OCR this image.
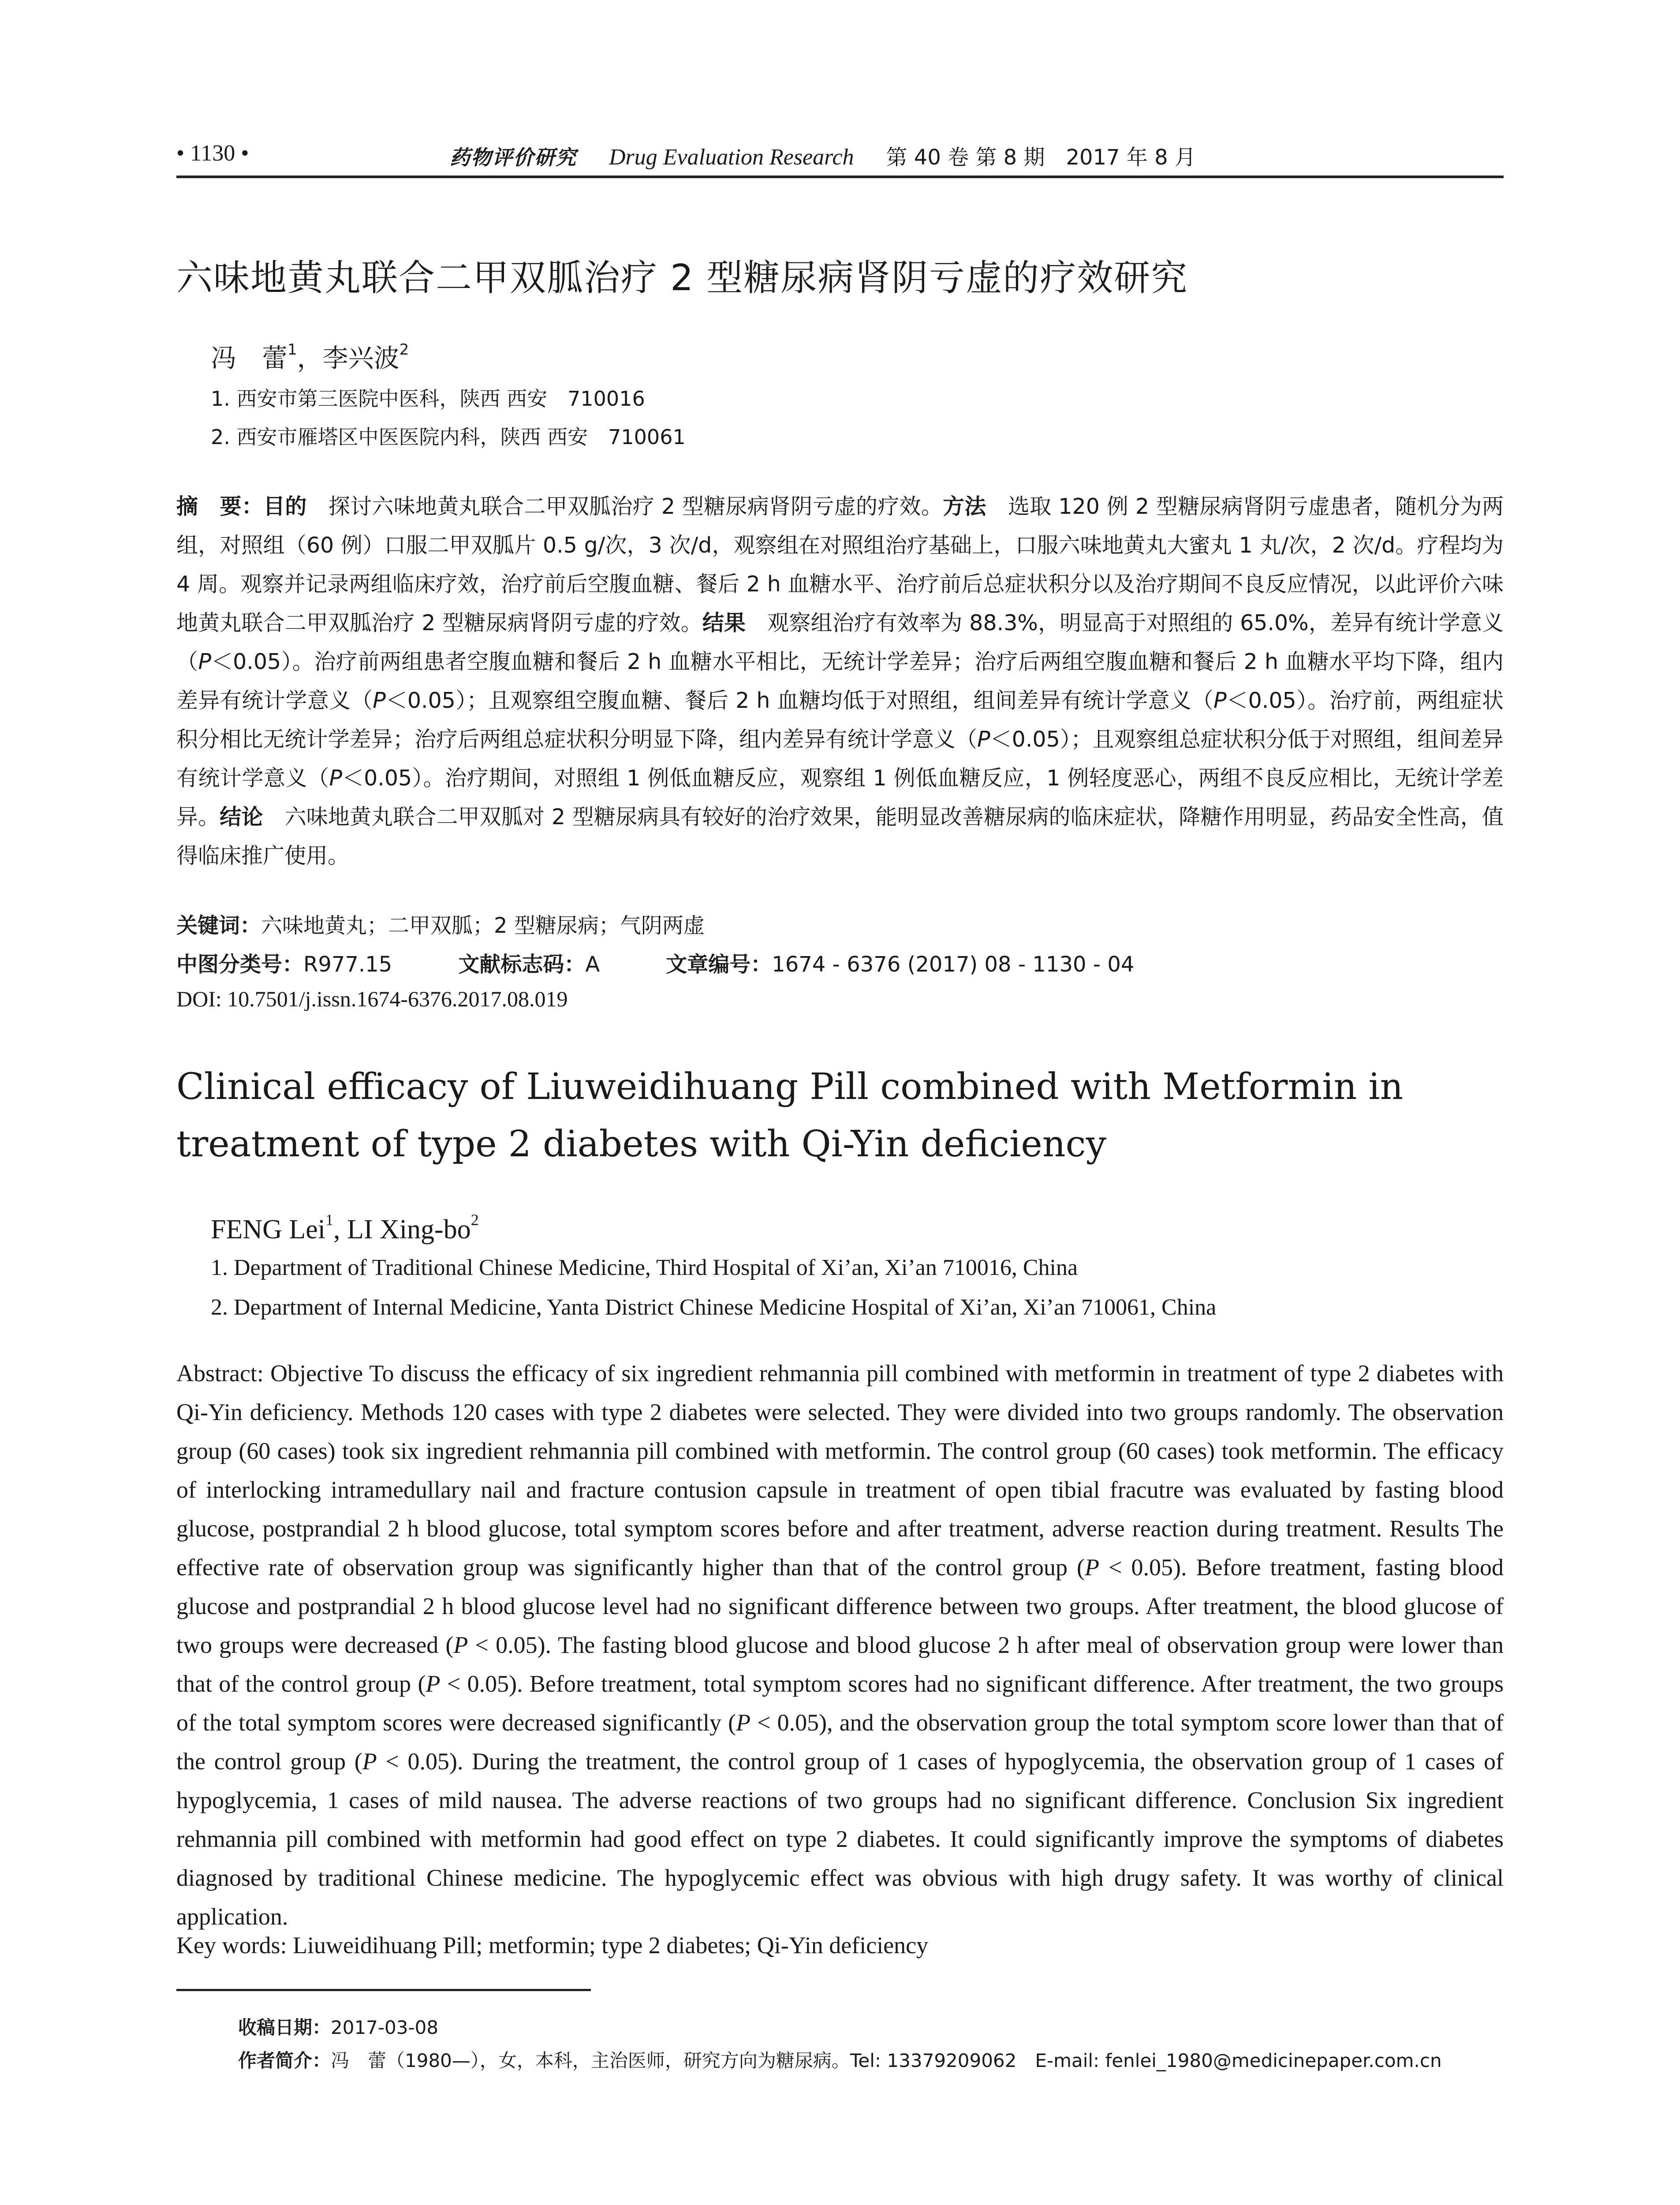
• 1130 •	药物评价研究 Drug Evaluation Research 第 40 卷 第 8 期　2017 年 8 月
六味地黄丸联合二甲双胍治疗 2 型糖尿病肾阴亏虚的疗效研究
冯　蕾$^1$，李兴波$^2$
1. 西安市第三医院中医科，陕西 西安　710016
2. 西安市雁塔区中医医院内科，陕西 西安　710061
摘　要：目的　探讨六味地黄丸联合二甲双胍治疗 2 型糖尿病肾阴亏虚的疗效。方法　选取 120 例 2 型糖尿病肾阴亏虚患者，随机分为两组，对照组（60 例）口服二甲双胍片 0.5 g/次，3 次/d，观察组在对照组治疗基础上，口服六味地黄丸大蜜丸 1 丸/次，2 次/d。疗程均为 4 周。观察并记录两组临床疗效，治疗前后空腹血糖、餐后 2 h 血糖水平、治疗前后总症状积分以及治疗期间不良反应情况，以此评价六味地黄丸联合二甲双胍治疗 2 型糖尿病肾阴亏虚的疗效。结果　观察组治疗有效率为 88.3%，明显高于对照组的 65.0%，差异有统计学意义（P＜0.05）。治疗前两组患者空腹血糖和餐后 2 h 血糖水平相比，无统计学差异；治疗后两组空腹血糖和餐后 2 h 血糖水平均下降，组内差异有统计学意义（P＜0.05）；且观察组空腹血糖、餐后 2 h 血糖均低于对照组，组间差异有统计学意义（P＜0.05）。治疗前，两组症状积分相比无统计学差异；治疗后两组总症状积分明显下降，组内差异有统计学意义（P＜0.05）；且观察组总症状积分低于对照组，组间差异有统计学意义（P＜0.05）。治疗期间，对照组 1 例低血糖反应，观察组 1 例低血糖反应，1 例轻度恶心，两组不良反应相比，无统计学差异。结论　六味地黄丸联合二甲双胍对 2 型糖尿病具有较好的治疗效果，能明显改善糖尿病的临床症状，降糖作用明显，药品安全性高，值得临床推广使用。
关键词：六味地黄丸；二甲双胍；2 型糖尿病；气阴两虚
中图分类号：R977.15	文献标志码：A	文章编号：1674 - 6376 (2017) 08 - 1130 - 04
DOI: 10.7501/j.issn.1674-6376.2017.08.019
Clinical efficacy of Liuweidihuang Pill combined with Metformin in treatment of type 2 diabetes with Qi-Yin deficiency
FENG Lei$^1$, LI Xing-$bo^2$
1. Department of Traditional Chinese Medicine, Third Hospital of Xi’an, Xi’an 710016, China
2. Department of Internal Medicine, Yanta District Chinese Medicine Hospital of Xi’an, Xi’an 710061, China
Abstract: Objective To discuss the efficacy of six ingredient rehmannia pill combined with metformin in treatment of type 2 diabetes with Qi-Yin deficiency. Methods 120 cases with type 2 diabetes were selected. They were divided into two groups randomly. The observation group (60 cases) took six ingredient rehmannia pill combined with metformin. The control group (60 cases) took metformin. The efficacy of interlocking intramedullary nail and fracture contusion capsule in treatment of open tibial fracutre was evaluated by fasting blood glucose, postprandial 2 h blood glucose, total symptom scores before and after treatment, adverse reaction during treatment. Results The effective rate of observation group was significantly higher than that of the control group (P < 0.05). Before treatment, fasting blood glucose and postprandial 2 h blood glucose level had no significant difference between two groups. After treatment, the blood glucose of two groups were decreased (P < 0.05). The fasting blood glucose and blood glucose 2 h after meal of observation group were lower than that of the control group (P < 0.05). Before treatment, total symptom scores had no significant difference. After treatment, the two groups of the total symptom scores were decreased significantly (P < 0.05), and the observation group the total symptom score lower than that of the control group (P < 0.05). During the treatment, the control group of 1 cases of hypoglycemia, the observation group of 1 cases of hypoglycemia, 1 cases of mild nausea. The adverse reactions of two groups had no significant difference. Conclusion Six ingredient rehmannia pill combined with metformin had good effect on type 2 diabetes. It could significantly improve the symptoms of diabetes diagnosed by traditional Chinese medicine. The hypoglycemic effect was obvious with high drugy safety. It was worthy of clinical application.
Key words: Liuweidihuang Pill; metformin; type 2 diabetes; Qi-Yin deficiency
收稿日期：2017-03-08
作者简介：冯　蕾（1980—），女，本科，主治医师，研究方向为糖尿病。Tel: 13379209062　E-mail: fenlei_1980@medicinepaper.com.cn
